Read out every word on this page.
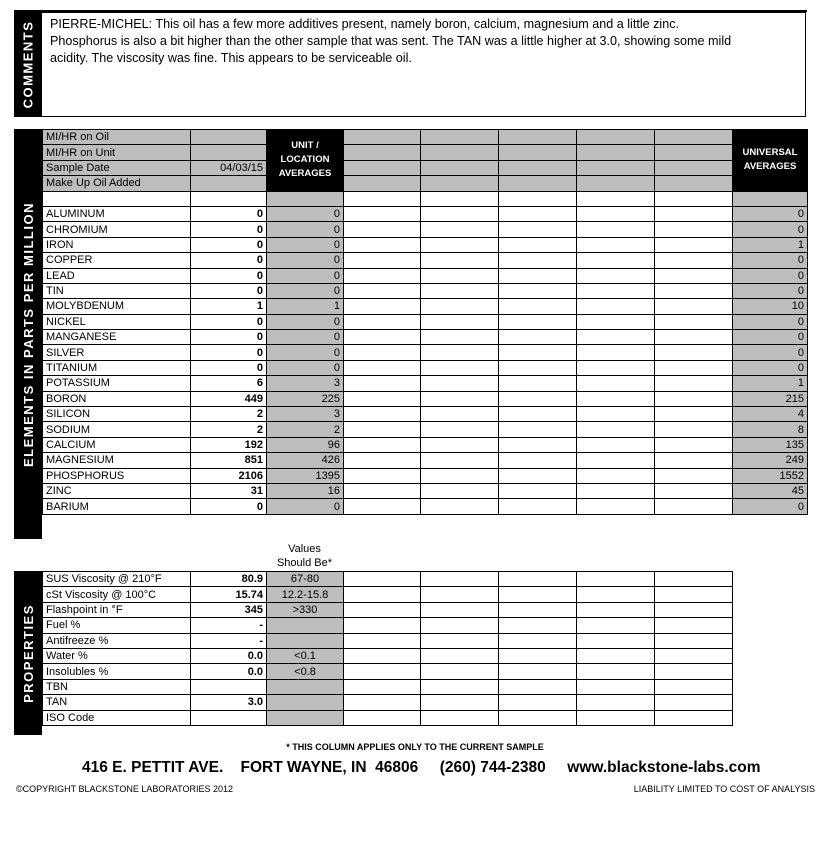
COMMENTS PIERRE-MICHEL: This oil has a few more additives present, namely boron, calcium, magnesium and a little zinc. Phosphorus is also a bit higher than the other sample that was sent. The TAN was a little higher at 3.0, showing some mild acidity. The viscosity was fine. This appears to be serviceable oil.
ELEMENTS IN PARTS PER MILLION
MI/HR on Oil		UNIT / LOCATION AVERAGES						UNIVERSAL AVERAGES
MI/HR on Unit								
Sample Date	04/03/15							
Make Up Oil Added								

ALUMINUM	0	0						0
CHROMIUM	0	0						0
IRON	0	0						1
COPPER	0	0						0
LEAD	0	0						0
TIN	0	0						0
MOLYBDENUM	1	1						10
NICKEL	0	0						0
MANGANESE	0	0						0
SILVER	0	0						0
TITANIUM	0	0						0
POTASSIUM	6	3						1
BORON	449	225						215
SILICON	2	3						4
SODIUM	2	2						8
CALCIUM	192	96						135
MAGNESIUM	851	426						249
PHOSPHORUS	2106	1395						1552
ZINC	31	16						45
BARIUM	0	0						0
Values
Should Be*
PROPERTIES
SUS Viscosity @ 210°F	80.9	67-80					
cSt Viscosity @ 100°C	15.74	12.2-15.8					
Flashpoint in °F	345	>330					
Fuel %	-						
Antifreeze %	-						
Water %	0.0	<0.1					
Insolubles %	0.0	<0.8					
TBN							
TAN	3.0						
ISO Code							
* THIS COLUMN APPLIES ONLY TO THE CURRENT SAMPLE
416 E. PETTIT AVE.    FORT WAYNE, IN  46806     (260) 744-2380     www.blackstone-labs.com
©COPYRIGHT BLACKSTONE LABORATORIES 2012	LIABILITY LIMITED TO COST OF ANALYSIS
